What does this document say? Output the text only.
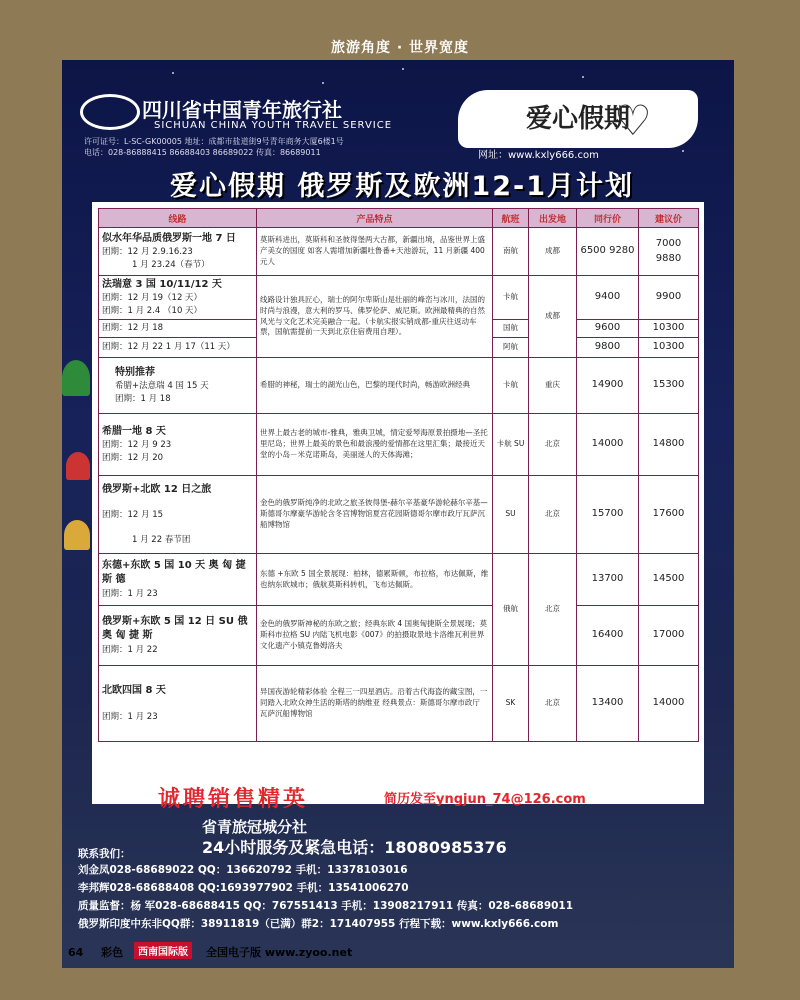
旅游角度 · 世界宽度
四川省中国青年旅行社
SICHUAN CHINA YOUTH TRAVEL SERVICE
许可证号：L-SC-GK00005 地址：成都市盐道街9号青年商务大厦6楼1号
电话：028-86888415 86688403 86689022 传真：86689011
爱心假期
♡
网址：www.kxly666.com
爱心假期 俄罗斯及欧洲12-1月计划
线路	产品特点	航班	出发地	同行价	建议价
似水年华品质俄罗斯一地 7 日
团期：12 月 2.9.16.23
1 月 23.24（春节）	莫斯科进出，莫斯科和圣彼得堡两大古都，新疆出境，品鉴世界上盛产美女的国度 如客人需增加新疆吐鲁番+天池游玩，11 月新疆 400 元人	南航	成都	6500 9280	7000 9880
法瑞意 3 国 10/11/12 天
团期：12 月 19（12 天）
团期：1 月 2.4 （10 天）	线路设计独具匠心，瑞士的阿尔卑斯山是壮丽的峰峦与冰川，法国的时尚与浪漫，意大利的罗马、佛罗伦萨、威尼斯。欧洲最精典的自然风光与文化艺术完美融合一起。（卡航实报实销成都-重庆往返动车票，国航需提前一天到北京住宿费用自理）。	卡航	成都	9400	9900
团期：12 月 18		国航		9600	10300
团期：12 月 22 1 月 17（11 天）		阿航		9800	10300
特别推荐
希腊+法意瑞 4 国 15 天
团期：1 月 18	希腊的神秘，瑞士的湖光山色，巴黎的现代时尚，畅游欧洲经典	卡航	重庆	14900	15300
希腊一地 8 天
团期：12 月 9 23
团期：12 月 20	世界上最古老的城市-雅典，雅典卫城，情定爱琴海原景拍摄地—圣托里尼岛；世界上最美的景色和最浪漫的爱情都在这里汇集；最接近天堂的小岛－米克诺斯岛，美丽迷人的天体海滩；	卡航 SU	北京	14000	14800
俄罗斯+北欧 12 日之旅

团期：12 月 15

1 月 22 春节团	金色的俄罗斯纯净的北欧之旅圣彼得堡-赫尔辛基豪华游轮赫尔辛基—斯德哥尔摩豪华游轮含冬宫博物馆夏宫花园斯德哥尔摩市政厅瓦萨沉船博物馆	SU	北京	15700	17600
东德+东欧 5 国 10 天 奥 匈 捷 斯 德
团期：1 月 23	东德 +东欧 5 国全景展现：柏林，德累斯顿，布拉格，布达佩斯，维也纳东欧城市；俄航莫斯科转机，飞布达佩斯。	俄航	北京	13700	14500
俄罗斯+东欧 5 国 12 日 SU 俄 奥 匈 捷 斯
团期：1 月 22	金色的俄罗斯神秘的东欧之旅；经典东欧 4 国奥匈捷斯全景展现；莫斯科市拉格 SU 内陆飞机电影《007》的拍摄取景地卡洛维瓦利世界文化遗产小镇克鲁姆洛夫			16400	17000
北欧四国 8 天

团期：1 月 23	异国夜游轮精彩体验 全程三一四星酒店。沿着古代海盗的藏宝图，一同踏入北欧众神生活的斯塔的纳维亚 经典景点：斯德哥尔摩市政厅 瓦萨沉船博物馆	SK	北京	13400	14000
诚聘销售精英	简历发至yngjun_74@126.com
省青旅冠城分社
24小时服务及紧急电话：18080985376
联系我们：
刘金凤028-68689022 QQ：136620792 手机：13378103016
李邦辉028-68688408 QQ:1693977902 手机：13541006270
质量监督：杨 军028-68688415 QQ：767551413 手机：13908217911 传真：028-68689011
俄罗斯印度中东非QQ群：38911819（已满）群2：171407955 行程下载：www.kxly666.com
64 彩色	西南国际版	全国电子版 www.zyoo.net
